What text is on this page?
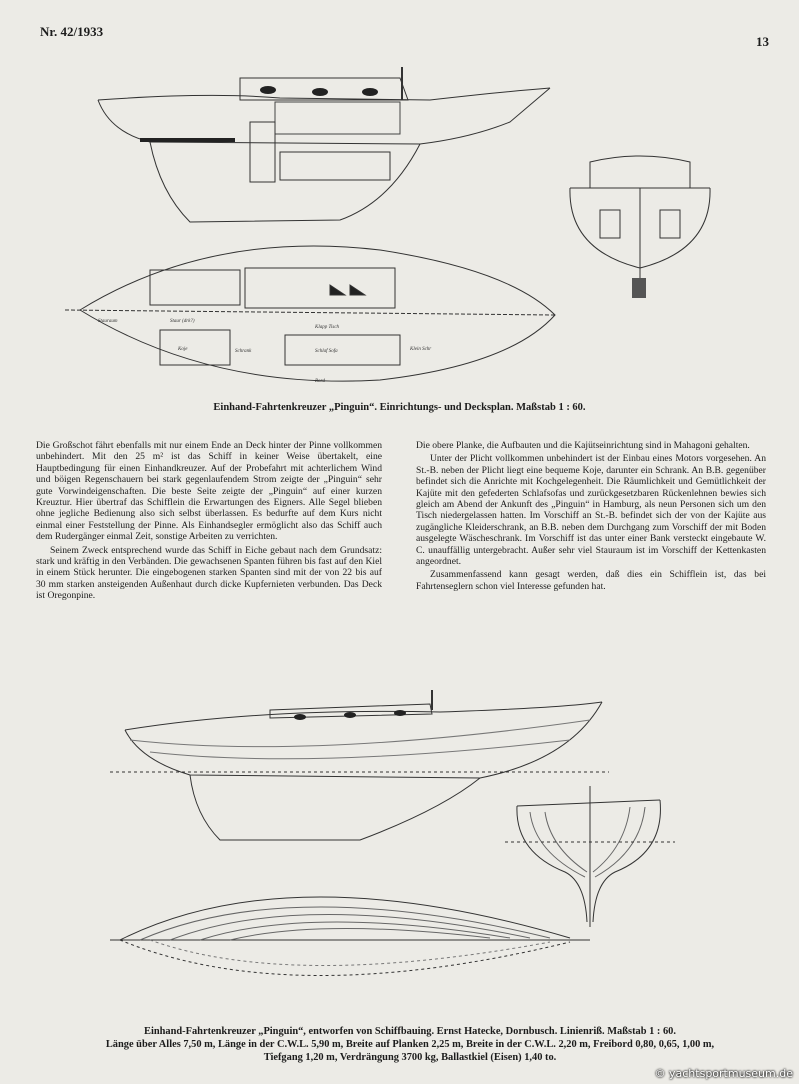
Nr. 42/1933
13
Stauraum	Staur (drk?)
Klapp Tisch
Koje	Schrank	Schlaf Sofa	Klein Schr
Bord
Einhand-Fahrtenkreuzer „Pinguin“. Einrichtungs- und Decksplan. Maßstab 1 : 60.

Die Großschot fährt ebenfalls mit nur einem Ende an Deck hinter der Pinne vollkommen unbehindert. Mit den 25 m² ist das Schiff in keiner Weise übertakelt, eine Hauptbedingung für einen Einhandkreuzer. Auf der Probefahrt mit achterlichem Wind und böigen Regenschauern bei stark gegenlaufendem Strom zeigte der „Pinguin“ sehr gute Vorwindeigenschaften. Die beste Seite zeigte der „Pinguin“ auf einer kurzen Kreuztur. Hier übertraf das Schifflein die Erwartungen des Eigners. Alle Segel blieben ohne jegliche Bedienung also sich selbst überlassen. Es bedurfte auf dem Kurs nicht einmal einer Feststellung der Pinne. Als Einhandsegler ermöglicht also das Schiff auch dem Rudergänger einmal Zeit, sonstige Arbeiten zu verrichten.

Seinem Zweck entsprechend wurde das Schiff in Eiche gebaut nach dem Grundsatz: stark und kräftig in den Verbänden. Die gewachsenen Spanten führen bis fast auf den Kiel in einem Stück herunter. Die eingebogenen starken Spanten sind mit der von 22 bis auf 30 mm starken ansteigenden Außenhaut durch dicke Kupfernieten verbunden. Das Deck ist Oregonpine.

Die obere Planke, die Aufbauten und die Kajütseinrichtung sind in Mahagoni gehalten.

Unter der Plicht vollkommen unbehindert ist der Einbau eines Motors vorgesehen. An St.-B. neben der Plicht liegt eine bequeme Koje, darunter ein Schrank. An B.B. gegenüber befindet sich die Anrichte mit Kochgelegenheit. Die Räumlichkeit und Gemütlichkeit der Kajüte mit den gefederten Schlafsofas und zurückgesetzbaren Rückenlehnen bewies sich gleich am Abend der Ankunft des „Pinguin“ in Hamburg, als neun Personen sich um den Tisch niedergelassen hatten. Im Vorschiff an St.-B. befindet sich der von der Kajüte aus zugängliche Kleiderschrank, an B.B. neben dem Durchgang zum Vorschiff der mit Boden ausgelegte Wäscheschrank. Im Vorschiff ist das unter einer Bank versteckt eingebaute W. C. unauffällig untergebracht. Außer sehr viel Stauraum ist im Vorschiff der Kettenkasten angeordnet.

Zusammenfassend kann gesagt werden, daß dies ein Schifflein ist, das bei Fahrtenseglern schon viel Interesse gefunden hat.

Einhand-Fahrtenkreuzer „Pinguin“, entworfen von Schiffbauing. Ernst Hatecke, Dornbusch. Linienriß. Maßstab 1 : 60.
Länge über Alles 7,50 m, Länge in der C.W.L. 5,90 m, Breite auf Planken 2,25 m, Breite in der C.W.L. 2,20 m, Freibord 0,80, 0,65, 1,00 m,
Tiefgang 1,20 m, Verdrängung 3700 kg, Ballastkiel (Eisen) 1,40 to.
© yachtsportmuseum.de
